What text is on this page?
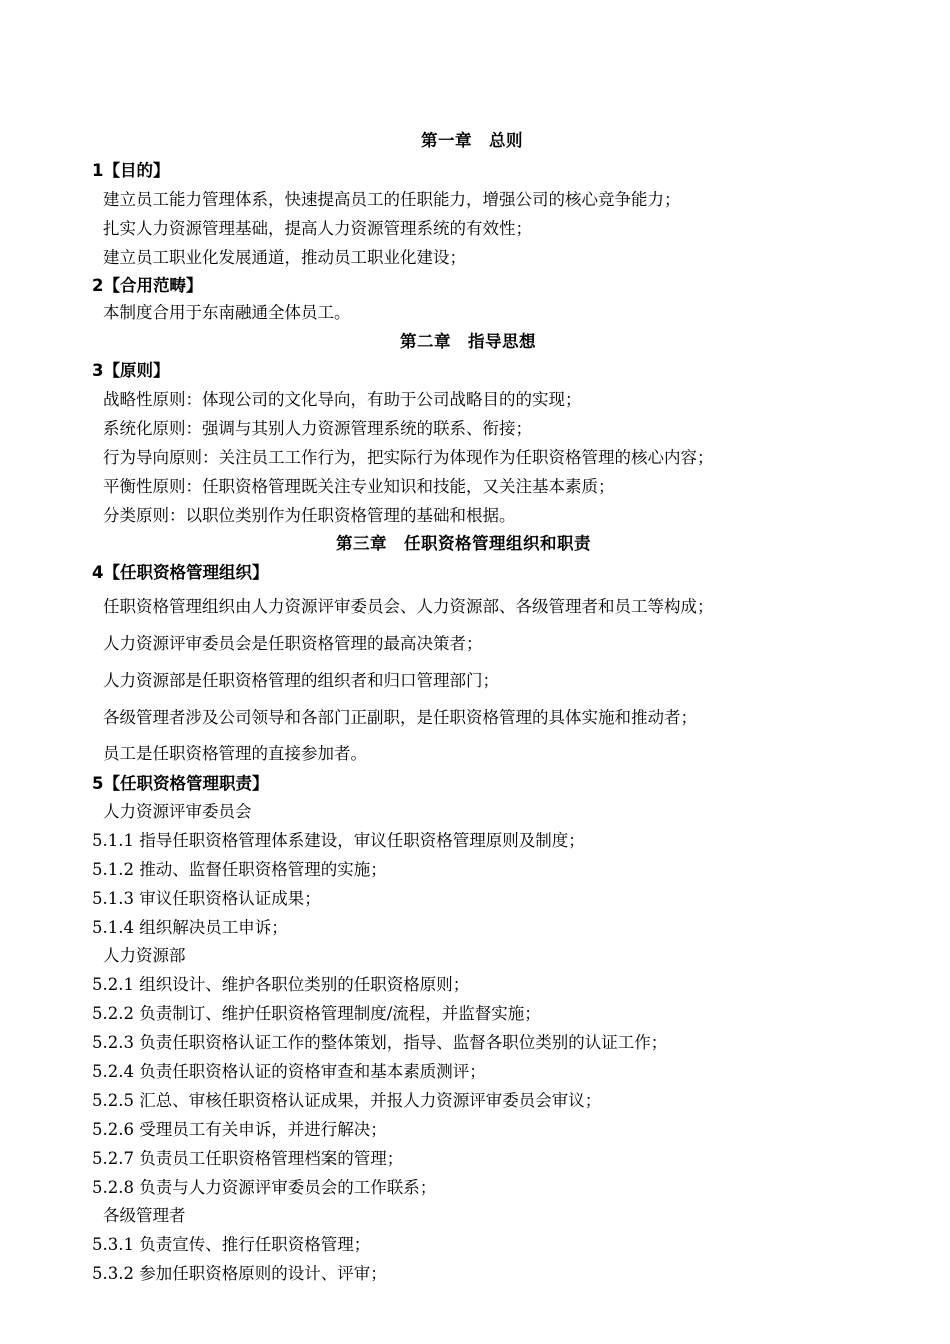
第一章　总则
1【目的】
建立员工能力管理体系，快速提高员工的任职能力，增强公司的核心竞争能力；
扎实人力资源管理基础，提高人力资源管理系统的有效性；
建立员工职业化发展通道，推动员工职业化建设；
2【合用范畴】
本制度合用于东南融通全体员工。
第二章　指导思想
3【原则】
战略性原则：体现公司的文化导向，有助于公司战略目的的实现；
系统化原则：强调与其别人力资源管理系统的联系、衔接；
行为导向原则：关注员工工作行为，把实际行为体现作为任职资格管理的核心内容；
平衡性原则：任职资格管理既关注专业知识和技能，又关注基本素质；
分类原则：以职位类别作为任职资格管理的基础和根据。
第三章　任职资格管理组织和职责
4【任职资格管理组织】
任职资格管理组织由人力资源评审委员会、人力资源部、各级管理者和员工等构成；
人力资源评审委员会是任职资格管理的最高决策者；
人力资源部是任职资格管理的组织者和归口管理部门；
各级管理者涉及公司领导和各部门正副职，是任职资格管理的具体实施和推动者；
员工是任职资格管理的直接参加者。
5【任职资格管理职责】
人力资源评审委员会
5.1.1 指导任职资格管理体系建设，审议任职资格管理原则及制度；
5.1.2 推动、监督任职资格管理的实施；
5.1.3 审议任职资格认证成果；
5.1.4 组织解决员工申诉；
人力资源部
5.2.1 组织设计、维护各职位类别的任职资格原则；
5.2.2 负责制订、维护任职资格管理制度/流程，并监督实施；
5.2.3 负责任职资格认证工作的整体策划，指导、监督各职位类别的认证工作；
5.2.4 负责任职资格认证的资格审查和基本素质测评；
5.2.5 汇总、审核任职资格认证成果，并报人力资源评审委员会审议；
5.2.6 受理员工有关申诉，并进行解决；
5.2.7 负责员工任职资格管理档案的管理；
5.2.8 负责与人力资源评审委员会的工作联系；
各级管理者
5.3.1 负责宣传、推行任职资格管理；
5.3.2 参加任职资格原则的设计、评审；
